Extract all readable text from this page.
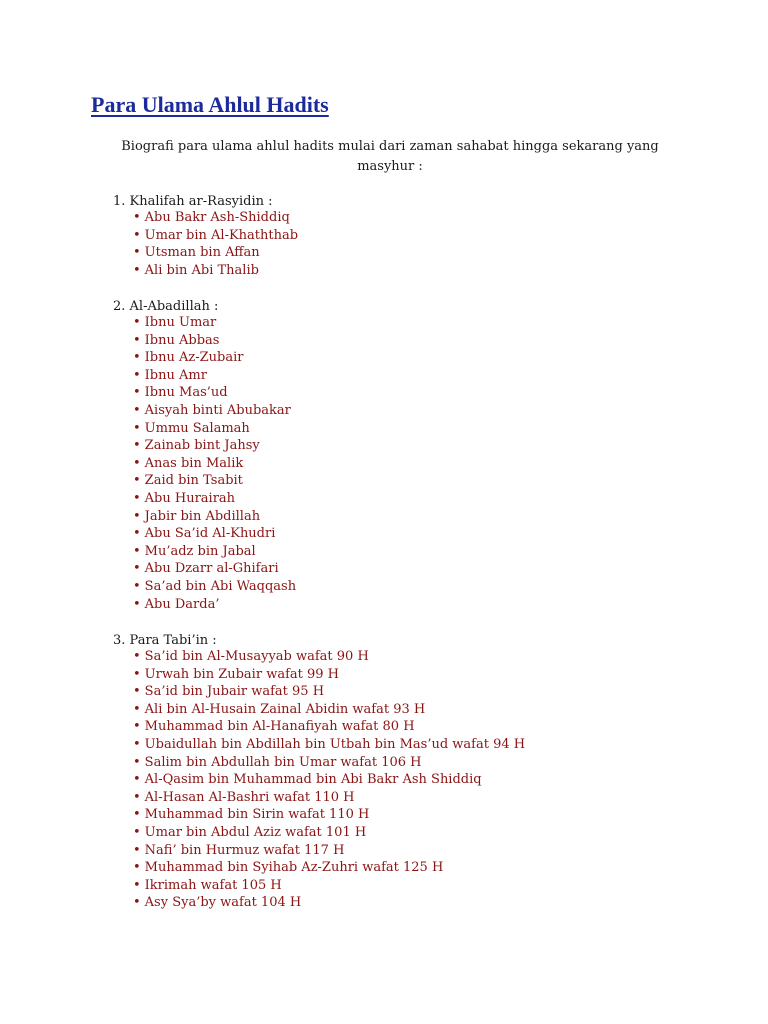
Para Ulama Ahlul Hadits

Biografi para ulama ahlul hadits mulai dari zaman sahabat hingga sekarang yang masyhur :

1. Khalifah ar-Rasyidin :
• Abu Bakr Ash-Shiddiq
• Umar bin Al-Khaththab
• Utsman bin Affan
• Ali bin Abi Thalib
2. Al-Abadillah :
• Ibnu Umar
• Ibnu Abbas
• Ibnu Az-Zubair
• Ibnu Amr
• Ibnu Mas’ud
• Aisyah binti Abubakar
• Ummu Salamah
• Zainab bint Jahsy
• Anas bin Malik
• Zaid bin Tsabit
• Abu Hurairah
• Jabir bin Abdillah
• Abu Sa’id Al-Khudri
• Mu’adz bin Jabal
• Abu Dzarr al-Ghifari
• Sa’ad bin Abi Waqqash
• Abu Darda’
3. Para Tabi’in :
• Sa’id bin Al-Musayyab wafat 90 H
• Urwah bin Zubair wafat 99 H
• Sa’id bin Jubair wafat 95 H
• Ali bin Al-Husain Zainal Abidin wafat 93 H
• Muhammad bin Al-Hanafiyah wafat 80 H
• Ubaidullah bin Abdillah bin Utbah bin Mas’ud wafat 94 H
• Salim bin Abdullah bin Umar wafat 106 H
• Al-Qasim bin Muhammad bin Abi Bakr Ash Shiddiq
• Al-Hasan Al-Bashri wafat 110 H
• Muhammad bin Sirin wafat 110 H
• Umar bin Abdul Aziz wafat 101 H
• Nafi’ bin Hurmuz wafat 117 H
• Muhammad bin Syihab Az-Zuhri wafat 125 H
• Ikrimah wafat 105 H
• Asy Sya’by wafat 104 H
